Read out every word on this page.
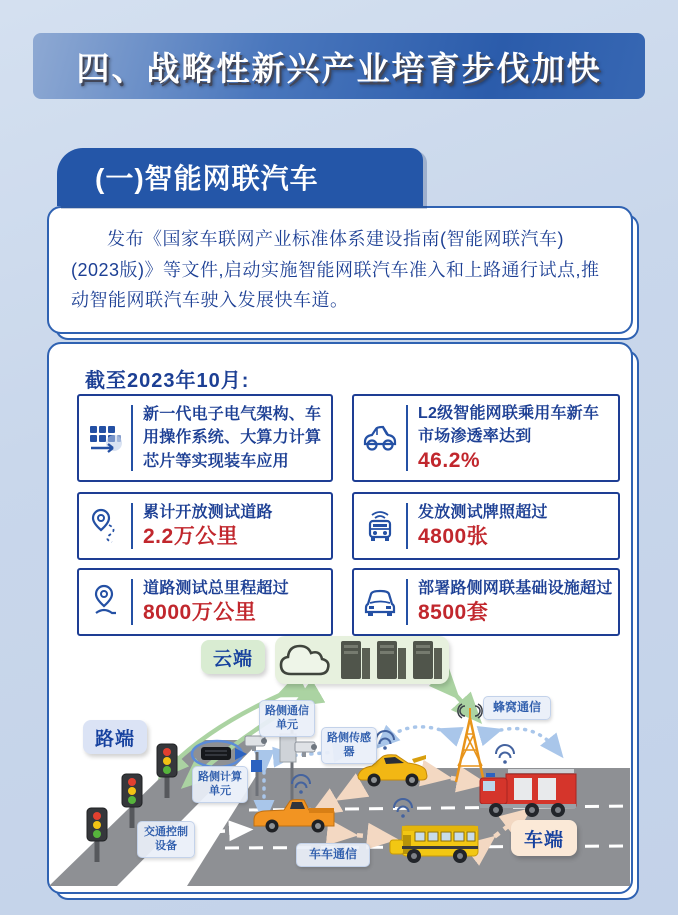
四、战略性新兴产业培育步伐加快
(一)智能网联汽车

发布《国家车联网产业标准体系建设指南(智能网联汽车)(2023版)》等文件,启动实施智能网联汽车准入和上路通行试点,推动智能网联汽车驶入发展快车道。

截至2023年10月:
新一代电子电气架构、车用操作系统、大算力计算芯片等实现装车应用
L2级智能网联乘用车新车市场渗透率达到
46.2%
累计开放测试道路
2.2万公里
发放测试牌照超过
4800张
道路测试总里程超过
8000万公里
部署路侧网联基础设施超过
8500套
云端
路端
车端
路侧通信单元
路侧传感器
路侧计算单元
交通控制设备
车车通信
蜂窝通信
